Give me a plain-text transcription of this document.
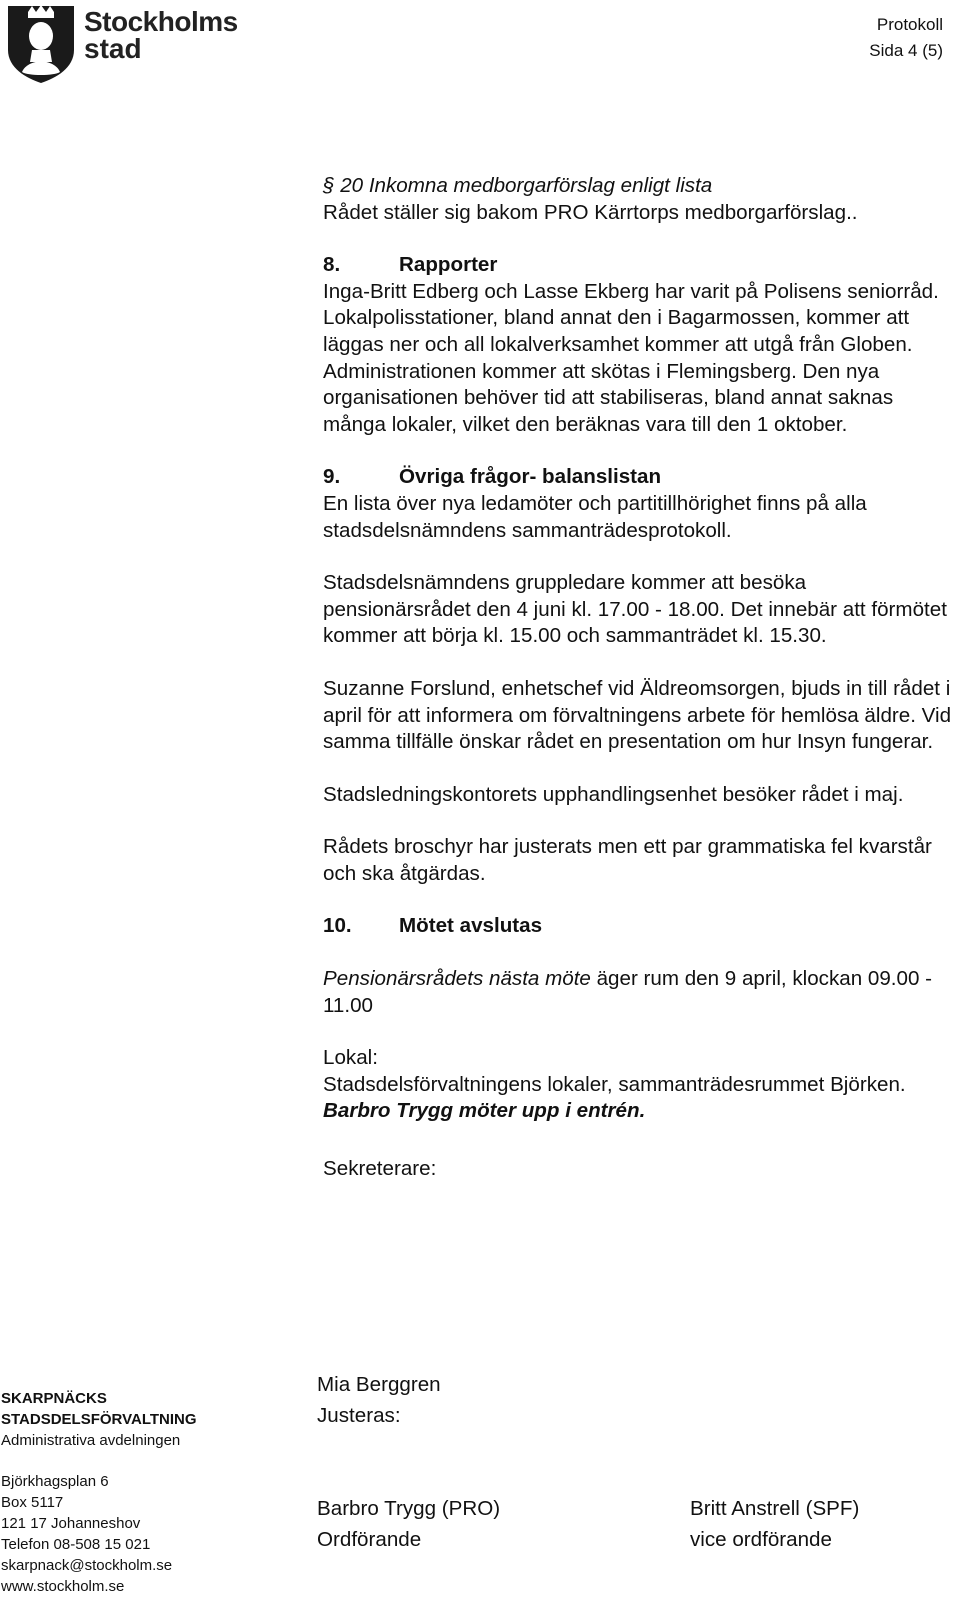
Stockholms
stad
Protokoll
Sida 4 (5)

§ 20 Inkomna medborgarförslag enligt lista

Rådet ställer sig bakom PRO Kärrtorps medborgarförslag..

8.	Rapporter

Inga-Britt Edberg och Lasse Ekberg har varit på Polisens seniorråd. Lokalpolisstationer, bland annat den i Bagarmossen, kommer att läggas ner och all lokalverksamhet kommer att utgå från Globen. Administrationen kommer att skötas i Flemingsberg. Den nya organisationen behöver tid att stabiliseras, bland annat saknas många lokaler, vilket den beräknas vara till den 1 oktober.

9.	Övriga frågor- balanslistan

En lista över nya ledamöter och partitillhörighet finns på alla stadsdelsnämndens sammanträdesprotokoll.

Stadsdelsnämndens gruppledare kommer att besöka pensionärsrådet den 4 juni kl. 17.00 - 18.00. Det innebär att förmötet kommer att börja kl. 15.00 och sammanträdet kl. 15.30.

Suzanne Forslund, enhetschef vid Äldreomsorgen, bjuds in till rådet i april för att informera om förvaltningens arbete för hemlösa äldre. Vid samma tillfälle önskar rådet en presentation om hur Insyn fungerar.

Stadsledningskontorets upphandlingsenhet besöker rådet i maj.

Rådets broschyr har justerats men ett par grammatiska fel kvarstår och ska åtgärdas.

10. Mötet avslutas

Pensionärsrådets nästa möte äger rum den 9 april, klockan 09.00 - 11.00

Lokal:

Stadsdelsförvaltningens lokaler, sammanträdesrummet Björken.

Barbro Trygg möter upp i entrén.

Sekreterare:

Mia Berggren
Justeras:
Barbro Trygg (PRO)
Ordförande
Britt Anstrell (SPF)
vice ordförande
SKARPNÄCKS
STADSDELSFÖRVALTNING
Administrativa avdelningen
Björkhagsplan 6
Box 5117
121 17 Johanneshov
Telefon 08-508 15 021
skarpnack@stockholm.se
www.stockholm.se
